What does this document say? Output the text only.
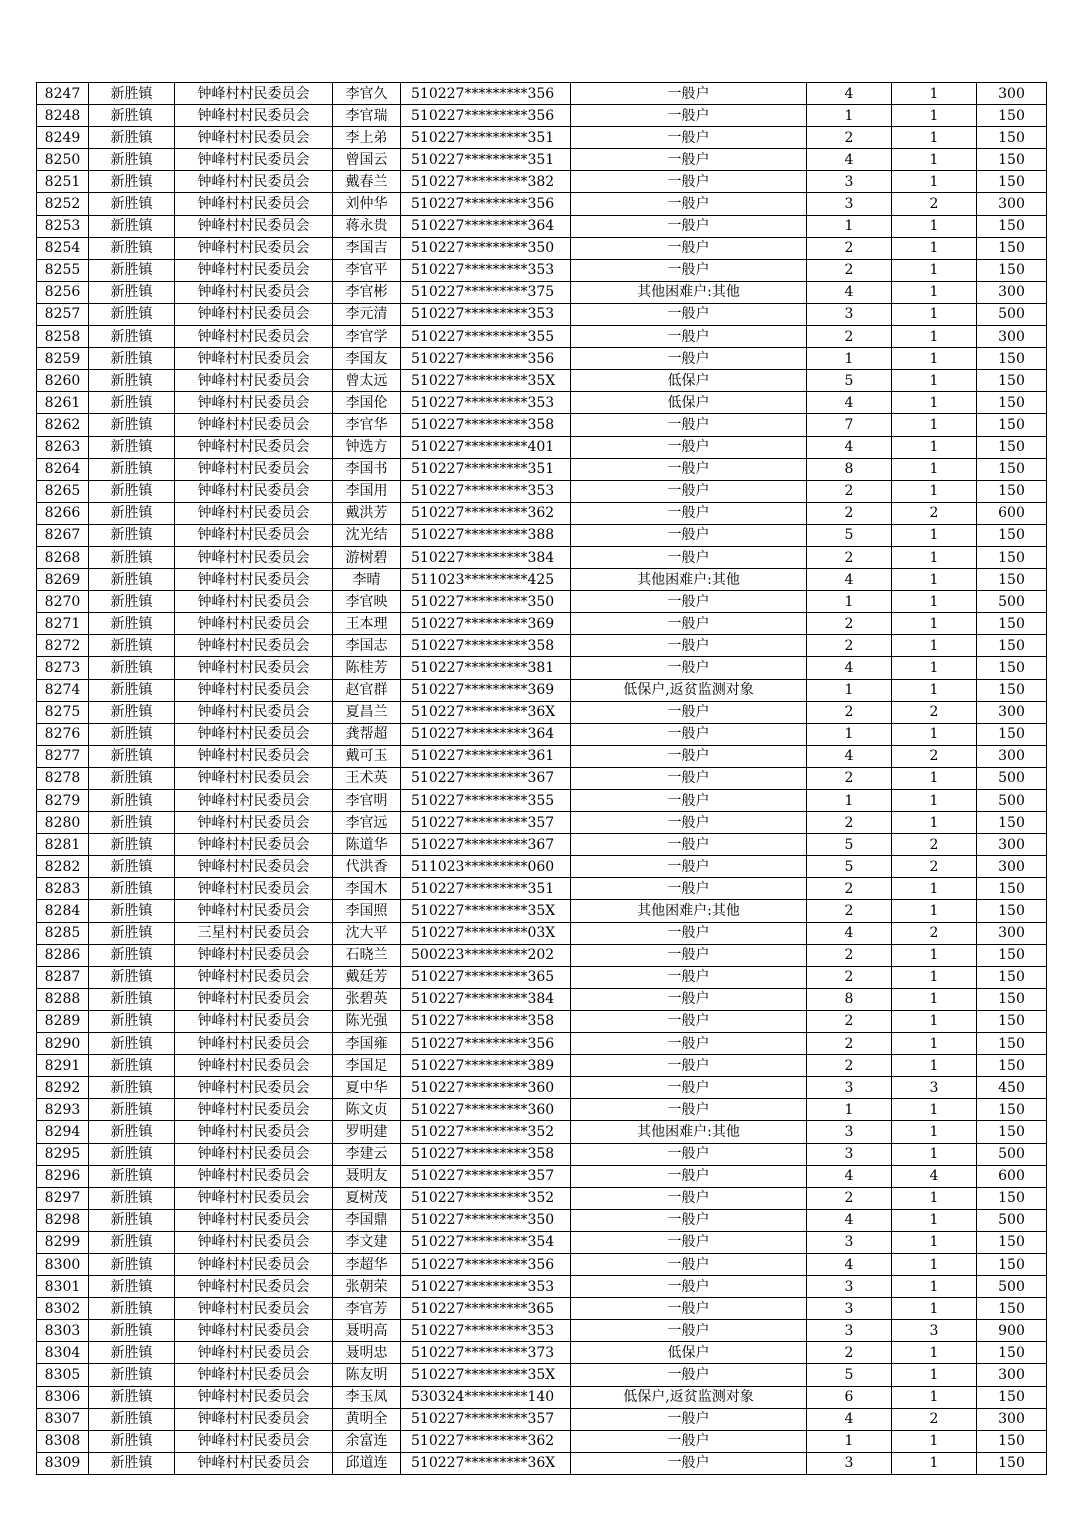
8247	新胜镇	钟峰村村民委员会	李官久	510227*********356	一般户	4	1	300
8248	新胜镇	钟峰村村民委员会	李官瑞	510227*********356	一般户	1	1	150
8249	新胜镇	钟峰村村民委员会	李上弟	510227*********351	一般户	2	1	150
8250	新胜镇	钟峰村村民委员会	曾国云	510227*********351	一般户	4	1	150
8251	新胜镇	钟峰村村民委员会	戴春兰	510227*********382	一般户	3	1	150
8252	新胜镇	钟峰村村民委员会	刘仲华	510227*********356	一般户	3	2	300
8253	新胜镇	钟峰村村民委员会	蒋永贵	510227*********364	一般户	1	1	150
8254	新胜镇	钟峰村村民委员会	李国吉	510227*********350	一般户	2	1	150
8255	新胜镇	钟峰村村民委员会	李官平	510227*********353	一般户	2	1	150
8256	新胜镇	钟峰村村民委员会	李官彬	510227*********375	其他困难户:其他	4	1	300
8257	新胜镇	钟峰村村民委员会	李元清	510227*********353	一般户	3	1	500
8258	新胜镇	钟峰村村民委员会	李官学	510227*********355	一般户	2	1	300
8259	新胜镇	钟峰村村民委员会	李国友	510227*********356	一般户	1	1	150
8260	新胜镇	钟峰村村民委员会	曾太远	510227*********35X	低保户	5	1	150
8261	新胜镇	钟峰村村民委员会	李国伦	510227*********353	低保户	4	1	150
8262	新胜镇	钟峰村村民委员会	李官华	510227*********358	一般户	7	1	150
8263	新胜镇	钟峰村村民委员会	钟选方	510227*********401	一般户	4	1	150
8264	新胜镇	钟峰村村民委员会	李国书	510227*********351	一般户	8	1	150
8265	新胜镇	钟峰村村民委员会	李国用	510227*********353	一般户	2	1	150
8266	新胜镇	钟峰村村民委员会	戴洪芳	510227*********362	一般户	2	2	600
8267	新胜镇	钟峰村村民委员会	沈光结	510227*********388	一般户	5	1	150
8268	新胜镇	钟峰村村民委员会	游树碧	510227*********384	一般户	2	1	150
8269	新胜镇	钟峰村村民委员会	李晴	511023*********425	其他困难户:其他	4	1	150
8270	新胜镇	钟峰村村民委员会	李官映	510227*********350	一般户	1	1	500
8271	新胜镇	钟峰村村民委员会	王本理	510227*********369	一般户	2	1	150
8272	新胜镇	钟峰村村民委员会	李国志	510227*********358	一般户	2	1	150
8273	新胜镇	钟峰村村民委员会	陈桂芳	510227*********381	一般户	4	1	150
8274	新胜镇	钟峰村村民委员会	赵官群	510227*********369	低保户,返贫监测对象	1	1	150
8275	新胜镇	钟峰村村民委员会	夏昌兰	510227*********36X	一般户	2	2	300
8276	新胜镇	钟峰村村民委员会	龚帮超	510227*********364	一般户	1	1	150
8277	新胜镇	钟峰村村民委员会	戴可玉	510227*********361	一般户	4	2	300
8278	新胜镇	钟峰村村民委员会	王术英	510227*********367	一般户	2	1	500
8279	新胜镇	钟峰村村民委员会	李官明	510227*********355	一般户	1	1	500
8280	新胜镇	钟峰村村民委员会	李官远	510227*********357	一般户	2	1	150
8281	新胜镇	钟峰村村民委员会	陈道华	510227*********367	一般户	5	2	300
8282	新胜镇	钟峰村村民委员会	代洪香	511023*********060	一般户	5	2	300
8283	新胜镇	钟峰村村民委员会	李国木	510227*********351	一般户	2	1	150
8284	新胜镇	钟峰村村民委员会	李国照	510227*********35X	其他困难户:其他	2	1	150
8285	新胜镇	三星村村民委员会	沈大平	510227*********03X	一般户	4	2	300
8286	新胜镇	钟峰村村民委员会	石晓兰	500223*********202	一般户	2	1	150
8287	新胜镇	钟峰村村民委员会	戴廷芳	510227*********365	一般户	2	1	150
8288	新胜镇	钟峰村村民委员会	张碧英	510227*********384	一般户	8	1	150
8289	新胜镇	钟峰村村民委员会	陈光强	510227*********358	一般户	2	1	150
8290	新胜镇	钟峰村村民委员会	李国雍	510227*********356	一般户	2	1	150
8291	新胜镇	钟峰村村民委员会	李国足	510227*********389	一般户	2	1	150
8292	新胜镇	钟峰村村民委员会	夏中华	510227*********360	一般户	3	3	450
8293	新胜镇	钟峰村村民委员会	陈文贞	510227*********360	一般户	1	1	150
8294	新胜镇	钟峰村村民委员会	罗明建	510227*********352	其他困难户:其他	3	1	150
8295	新胜镇	钟峰村村民委员会	李建云	510227*********358	一般户	3	1	500
8296	新胜镇	钟峰村村民委员会	聂明友	510227*********357	一般户	4	4	600
8297	新胜镇	钟峰村村民委员会	夏树茂	510227*********352	一般户	2	1	150
8298	新胜镇	钟峰村村民委员会	李国鼎	510227*********350	一般户	4	1	500
8299	新胜镇	钟峰村村民委员会	李文建	510227*********354	一般户	3	1	150
8300	新胜镇	钟峰村村民委员会	李超华	510227*********356	一般户	4	1	150
8301	新胜镇	钟峰村村民委员会	张朝荣	510227*********353	一般户	3	1	500
8302	新胜镇	钟峰村村民委员会	李官芳	510227*********365	一般户	3	1	150
8303	新胜镇	钟峰村村民委员会	聂明高	510227*********353	一般户	3	3	900
8304	新胜镇	钟峰村村民委员会	聂明忠	510227*********373	低保户	2	1	150
8305	新胜镇	钟峰村村民委员会	陈友明	510227*********35X	一般户	5	1	300
8306	新胜镇	钟峰村村民委员会	李玉凤	530324*********140	低保户,返贫监测对象	6	1	150
8307	新胜镇	钟峰村村民委员会	黄明全	510227*********357	一般户	4	2	300
8308	新胜镇	钟峰村村民委员会	余富连	510227*********362	一般户	1	1	150
8309	新胜镇	钟峰村村民委员会	邱道连	510227*********36X	一般户	3	1	150
